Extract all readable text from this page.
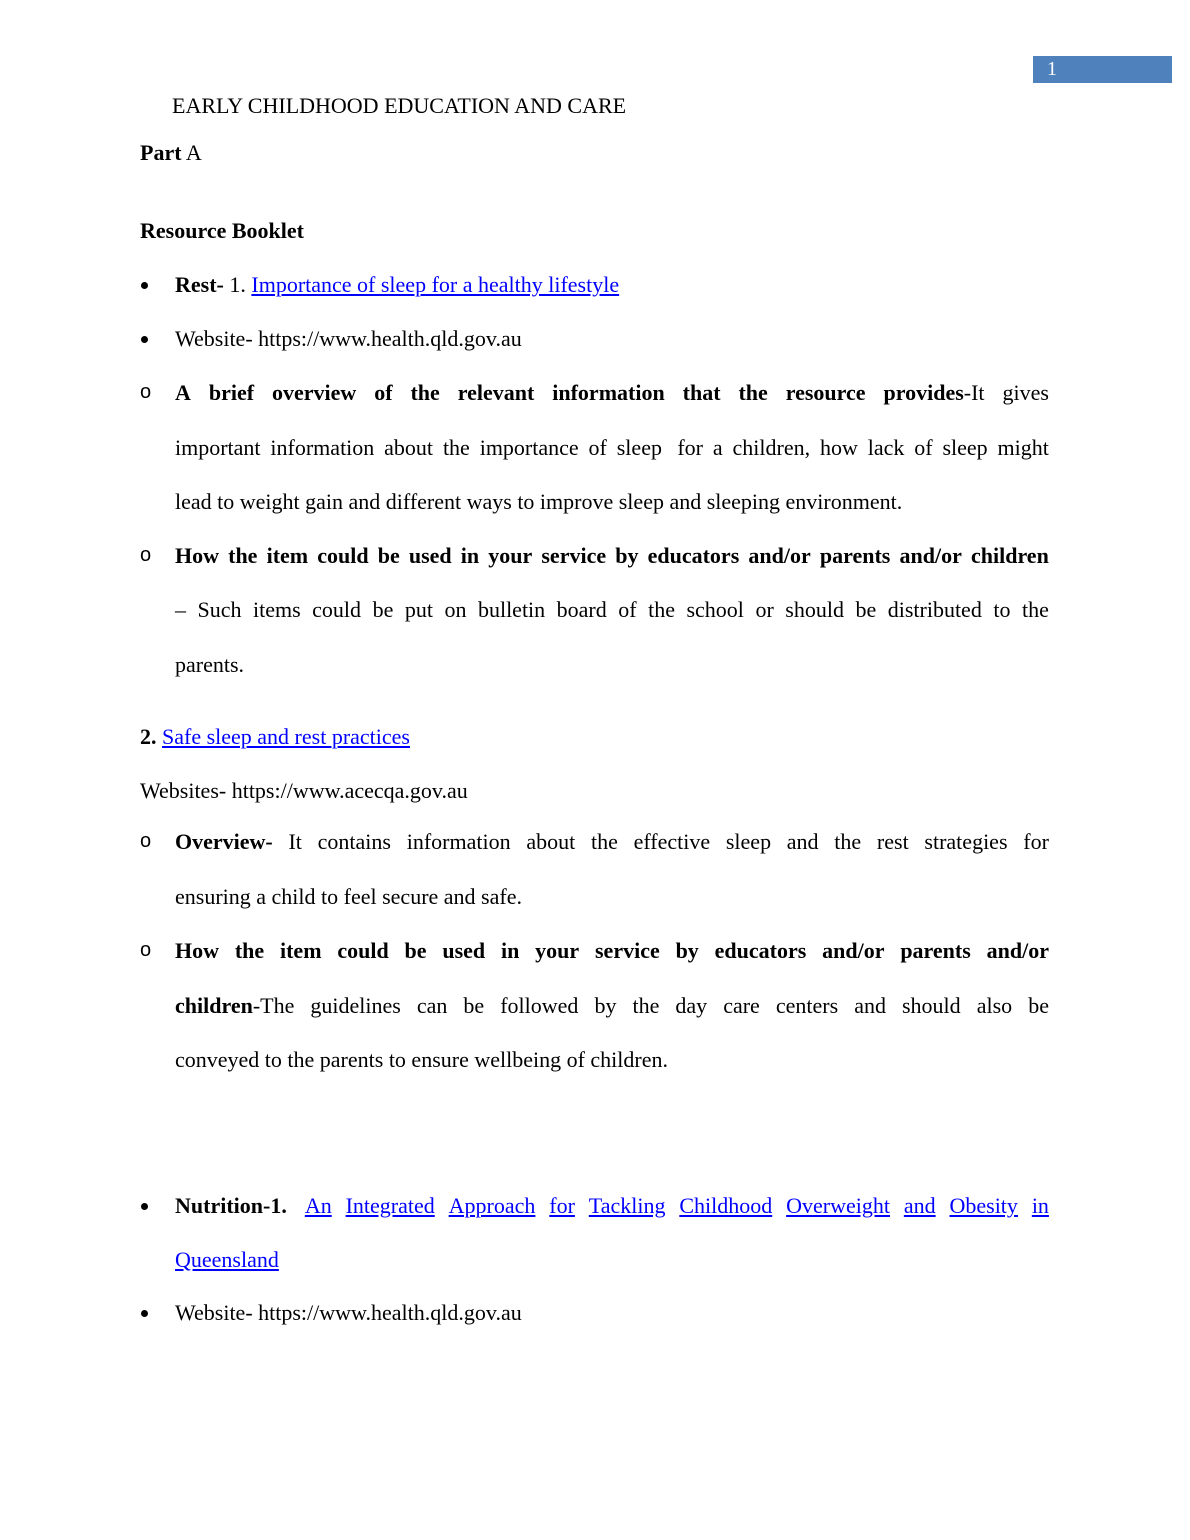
1
EARLY CHILDHOOD EDUCATION AND CARE
Part A
Resource Booklet
Rest- 1. Importance of sleep for a healthy lifestyle
Website- https://www.health.qld.gov.au
o A brief overview of the relevant information that the resource provides-It gives
important information about the importance of sleep for a children, how lack of sleep might
lead to weight gain and different ways to improve sleep and sleeping environment.
o How the item could be used in your service by educators and/or parents and/or children
– Such items could be put on bulletin board of the school or should be distributed to the
parents.
2. Safe sleep and rest practices
Websites- https://www.acecqa.gov.au
o Overview- It contains information about the effective sleep and the rest strategies for
ensuring a child to feel secure and safe.
o How the item could be used in your service by educators and/or parents and/or
children-The guidelines can be followed by the day care centers and should also be
conveyed to the parents to ensure wellbeing of children.
Nutrition-1. An Integrated Approach for Tackling Childhood Overweight and Obesity in
Queensland
Website- https://www.health.qld.gov.au
